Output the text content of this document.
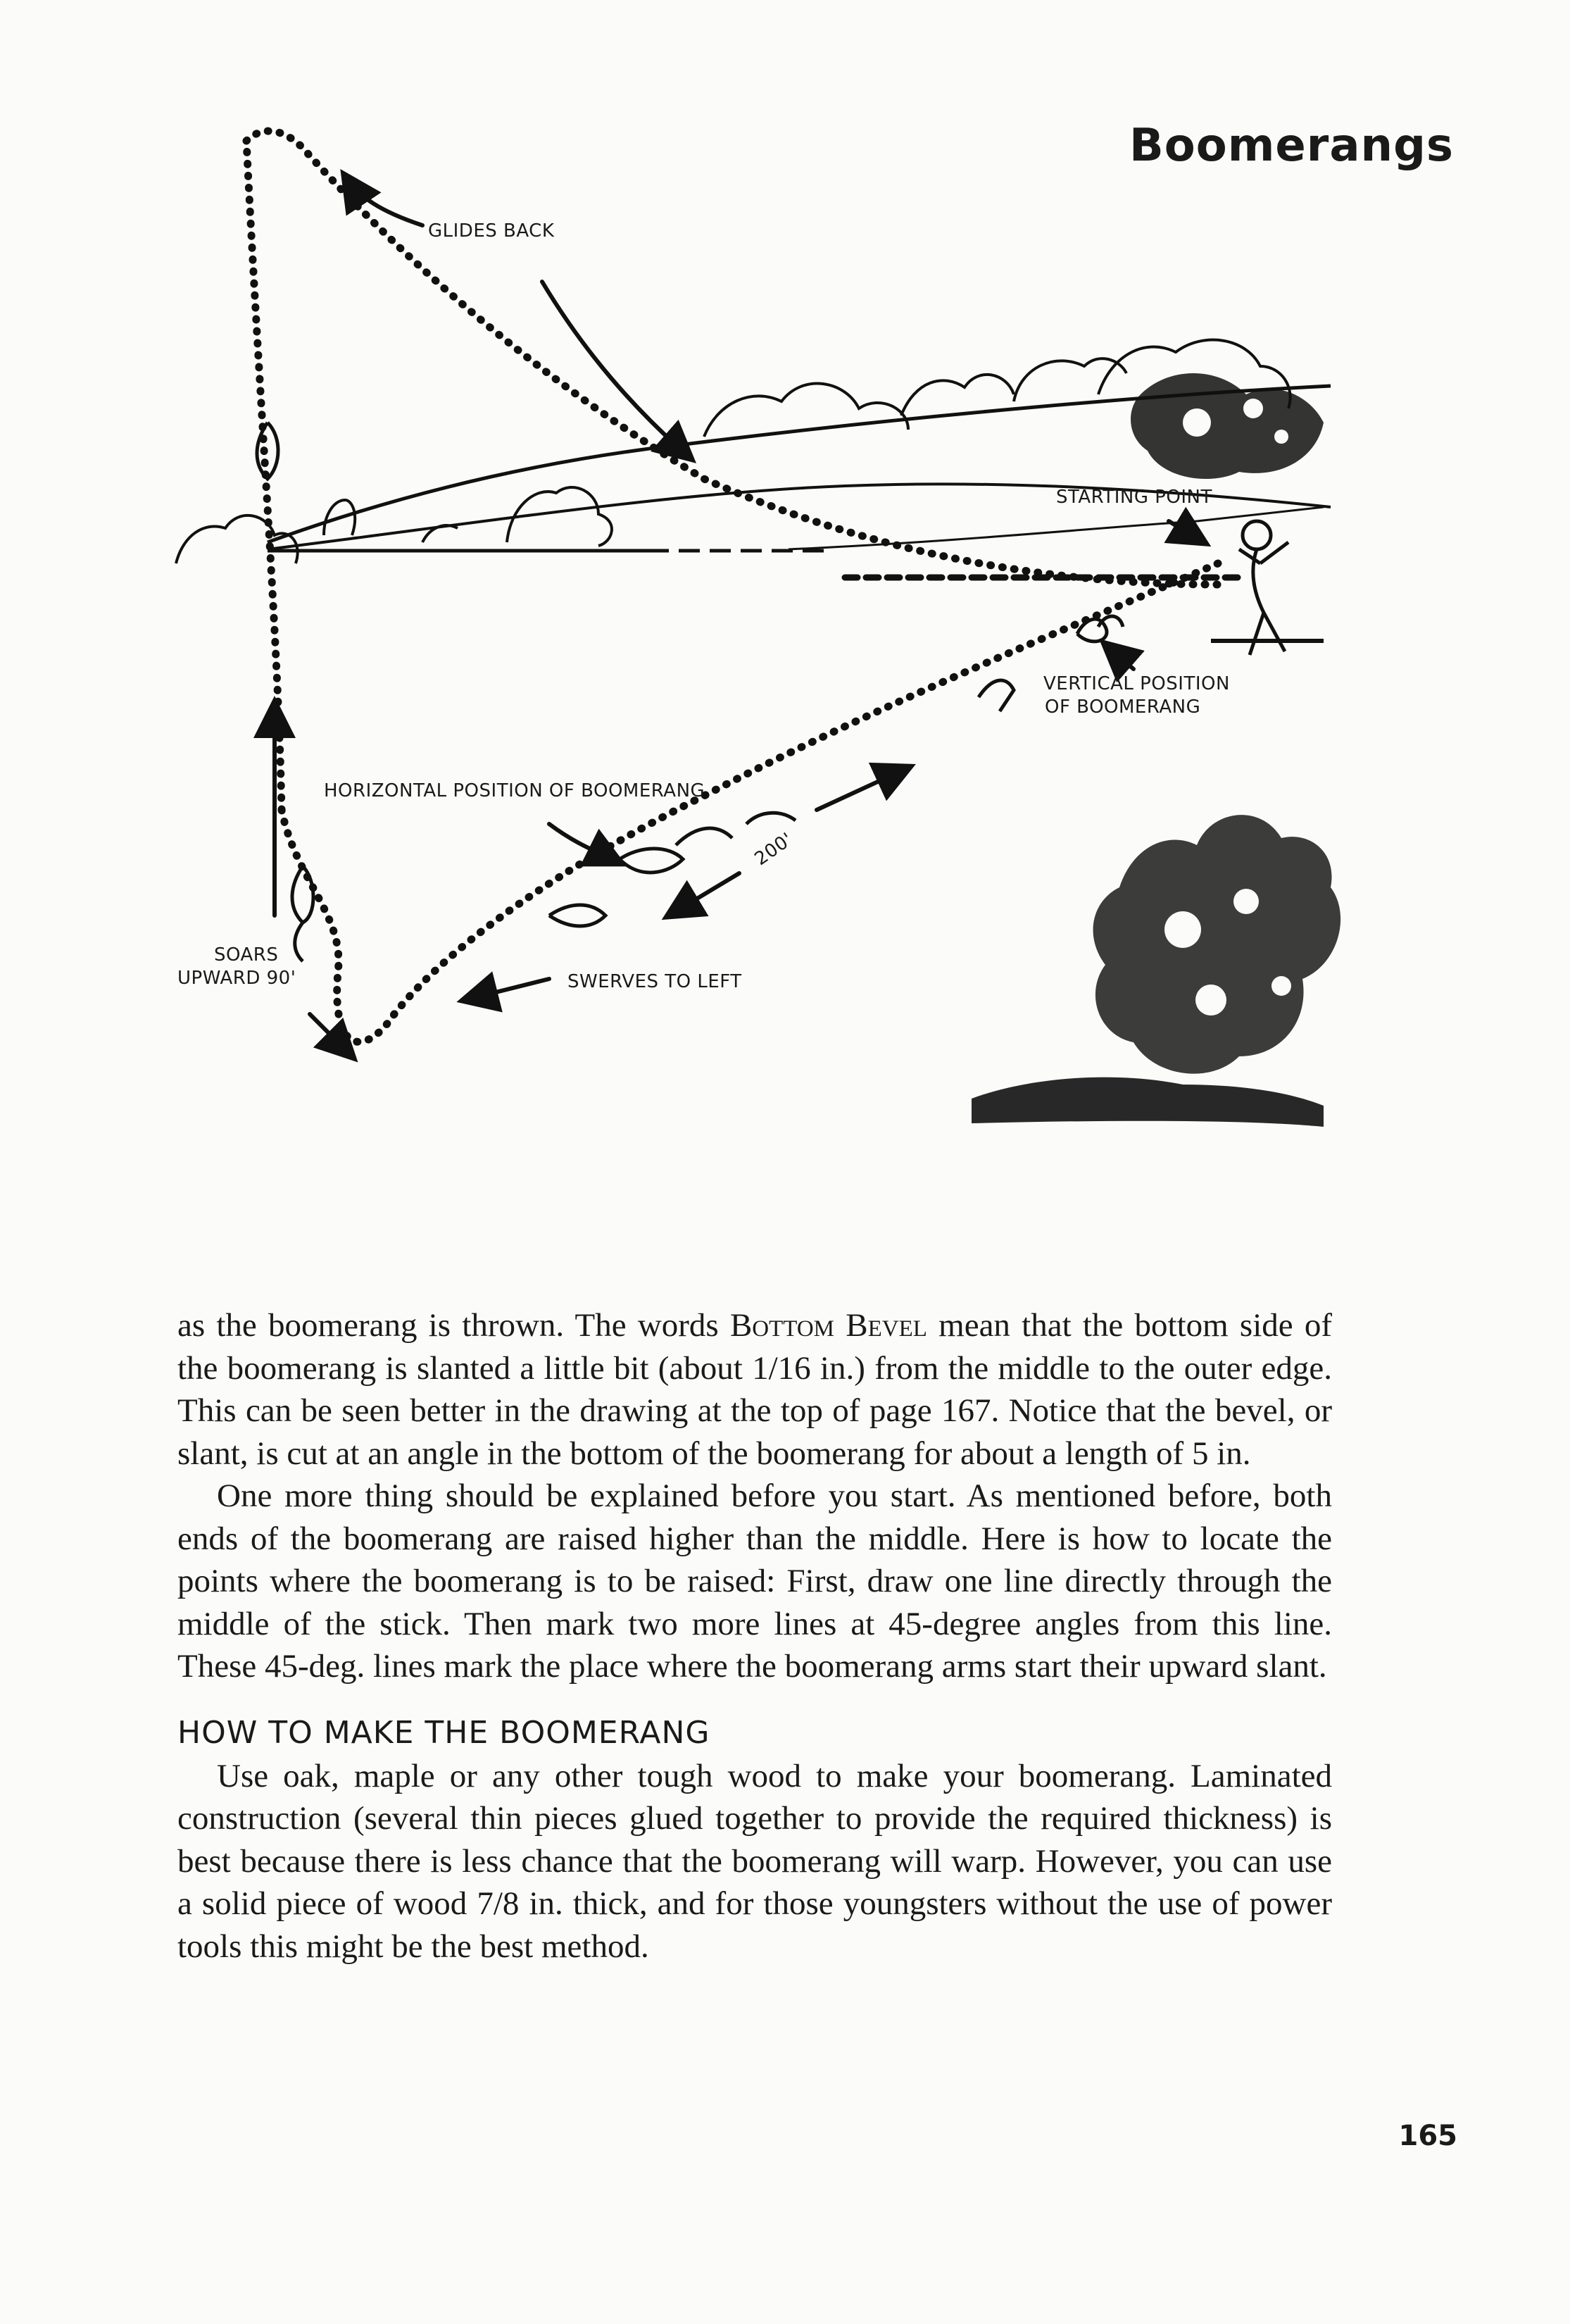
Boomerangs
GLIDES BACK
STARTING POINT
VERTICAL POSITION
OF BOOMERANG
HORIZONTAL POSITION OF BOOMERANG
200'
SOARS
UPWARD 90'	SWERVES TO LEFT

as the boomerang is thrown. The words Bottom Bevel mean that the bottom side of the boomerang is slanted a little bit (about 1/16 in.) from the middle to the outer edge. This can be seen better in the drawing at the top of page 167. Notice that the bevel, or slant, is cut at an angle in the bottom of the boomerang for about a length of 5 in.

One more thing should be explained before you start. As mentioned before, both ends of the boomerang are raised higher than the middle. Here is how to locate the points where the boomerang is to be raised: First, draw one line directly through the middle of the stick. Then mark two more lines at 45-degree angles from this line. These 45-deg. lines mark the place where the boomerang arms start their upward slant.

HOW TO MAKE THE BOOMERANG

Use oak, maple or any other tough wood to make your boomerang. Laminated construction (several thin pieces glued together to provide the required thickness) is best because there is less chance that the boomerang will warp. However, you can use a solid piece of wood 7/8 in. thick, and for those youngsters without the use of power tools this might be the best method.

165
